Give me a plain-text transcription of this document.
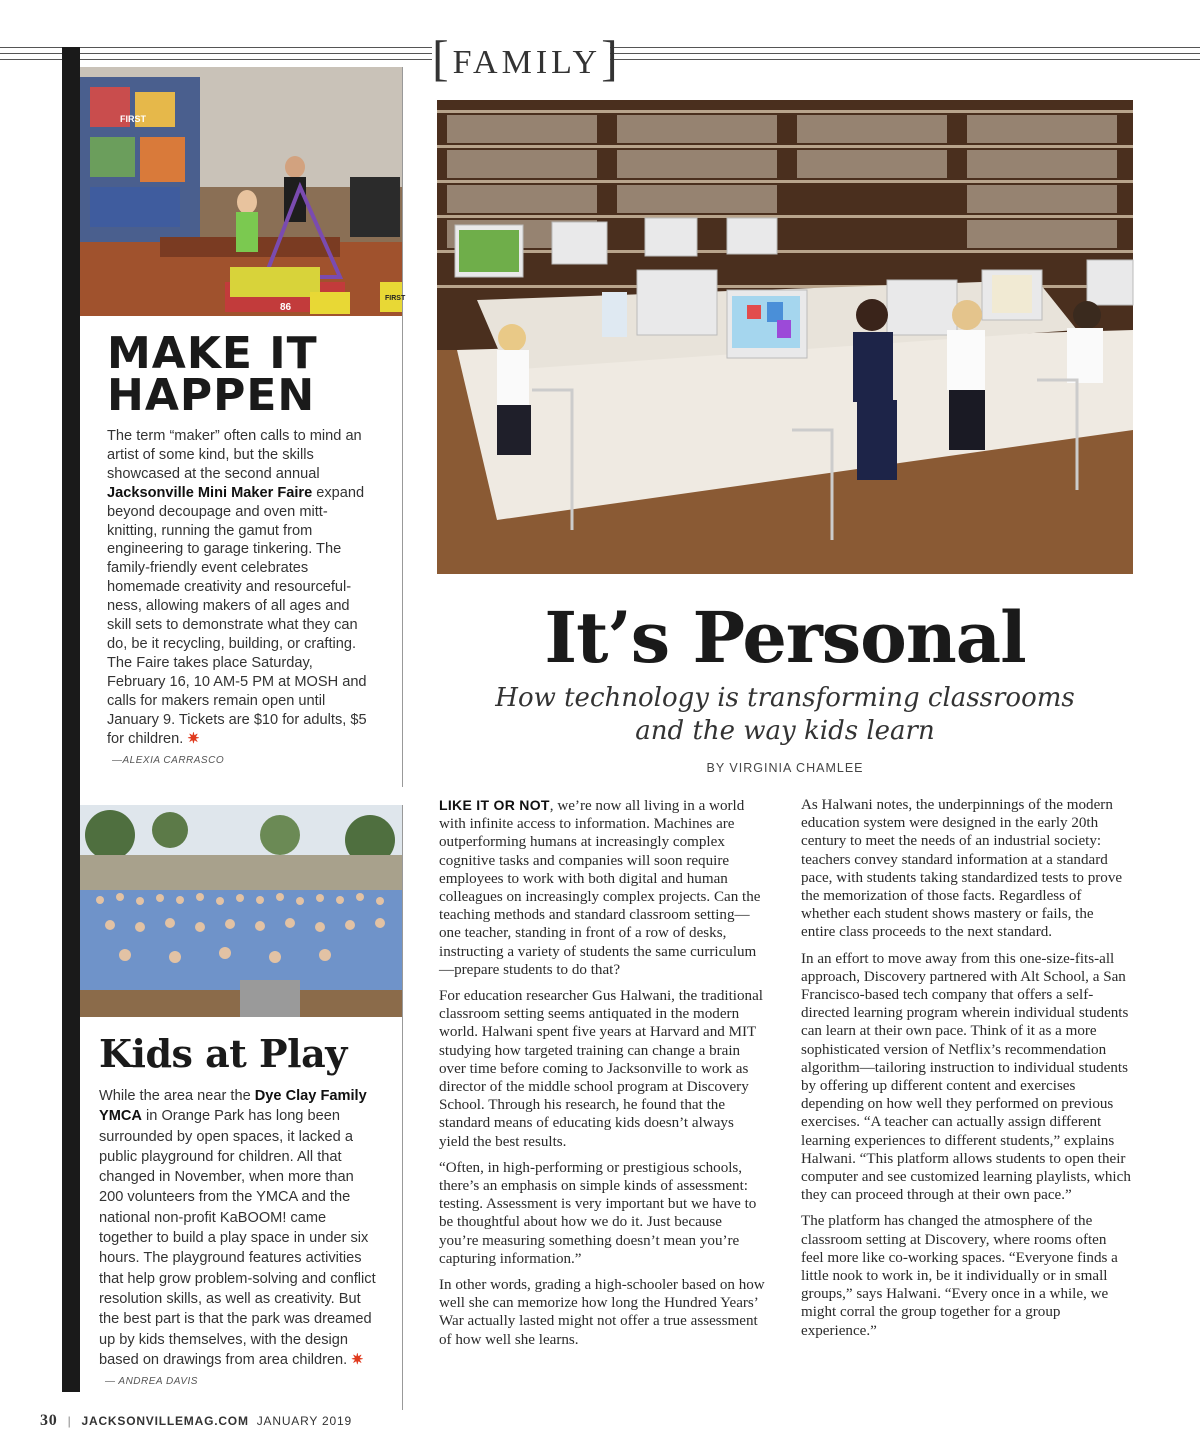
[FAMILY]
FIRST
86
FIRST
MAKE IT
HAPPEN
The term “maker” often calls to mind an artist of some kind, but the skills showcased at the second annual Jacksonville Mini Maker Faire expand beyond decoupage and oven mitt-knitting, running the gamut from engineering to garage tinkering. The family-friendly event celebrates homemade creativity and resourceful-ness, allowing makers of all ages and skill sets to demonstrate what they can do, be it recycling, building, or crafting. The Faire takes place Saturday, February 16, 10 AM-5 PM at MOSH and calls for makers remain open until January 9. Tickets are $10 for adults, $5 for children. ✷
—ALEXIA CARRASCO
Kids at Play
While the area near the Dye Clay Family YMCA in Orange Park has long been surrounded by open spaces, it lacked a public playground for children. All that changed in November, when more than 200 volunteers from the YMCA and the national non-profit KaBOOM! came together to build a play space in under six hours. The playground features activities that help grow problem-solving and conflict resolution skills, as well as creativity. But the best part is that the park was dreamed up by kids themselves, with the design based on drawings from area children. ✷ — ANDREA DAVIS
It’s Personal
How technology is transforming classrooms
and the way kids learn
BY VIRGINIA CHAMLEE

LIKE IT OR NOT, we’re now all living in a world with infinite access to information. Machines are outperforming humans at increasingly complex cognitive tasks and companies will soon require employees to work with both digital and human colleagues on increasingly complex projects. Can the teaching methods and standard classroom setting—one teacher, standing in front of a row of desks, instructing a variety of students the same curriculum—prepare students to do that?

For education researcher Gus Halwani, the traditional classroom setting seems antiquated in the modern world. Halwani spent five years at Harvard and MIT studying how targeted training can change a brain over time before coming to Jacksonville to work as director of the middle school program at Discovery School. Through his research, he found that the standard means of educating kids doesn’t always yield the best results.

“Often, in high-performing or prestigious schools, there’s an emphasis on simple kinds of assessment: testing. Assessment is very important but we have to be thoughtful about how we do it. Just because you’re measuring something doesn’t mean you’re capturing information.”

In other words, grading a high-schooler based on how well she can memorize how long the Hundred Years’ War actually lasted might not offer a true assessment of how well she learns.

As Halwani notes, the underpinnings of the modern education system were designed in the early 20th century to meet the needs of an industrial society: teachers convey standard information at a standard pace, with students taking standardized tests to prove the memorization of those facts. Regardless of whether each student shows mastery or fails, the entire class proceeds to the next standard.

In an effort to move away from this one-size-fits-all approach, Discovery partnered with Alt School, a San Francisco-based tech company that offers a self-directed learning program wherein individual students can learn at their own pace. Think of it as a more sophisticated version of Netflix’s recommendation algorithm—tailoring instruction to individual students by offering up different content and exercises depending on how well they performed on previous exercises. “A teacher can actually assign different learning experiences to different students,” explains Halwani. “This platform allows students to open their computer and see customized learning playlists, which they can proceed through at their own pace.”

The platform has changed the atmosphere of the classroom setting at Discovery, where rooms often feel more like co-working spaces. “Everyone finds a little nook to work in, be it individually or in small groups,” says Halwani. “Every once in a while, we might corral the group together for a group experience.”

30 | JACKSONVILLEMAG.COM JANUARY 2019
